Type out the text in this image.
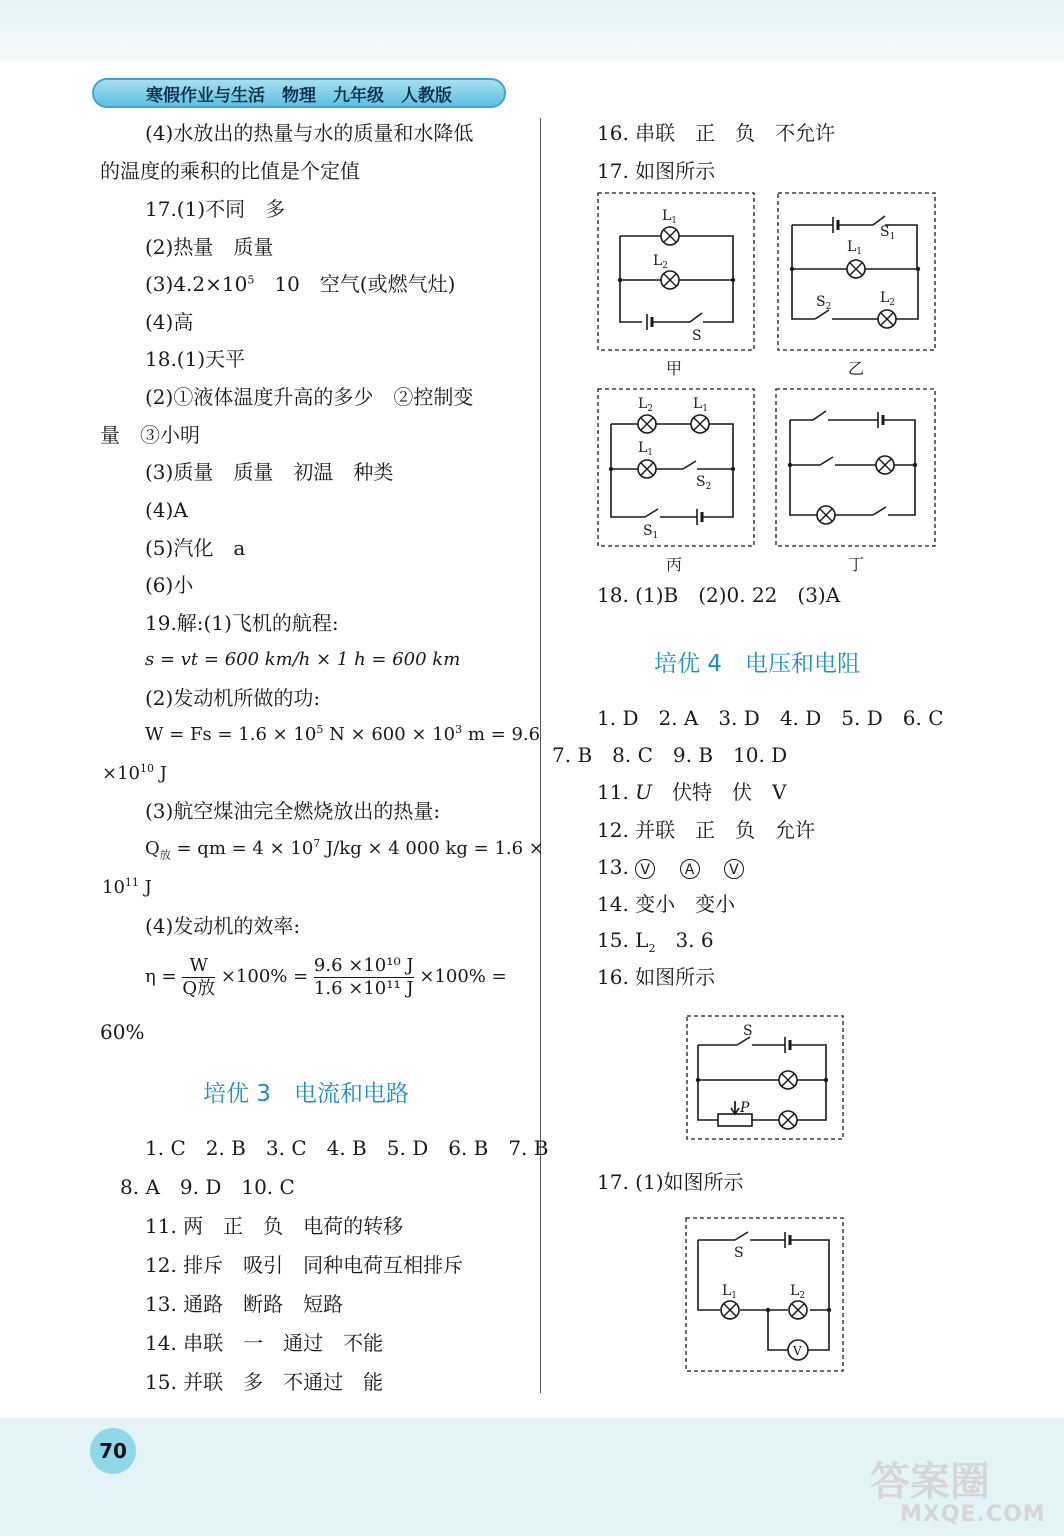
寒假作业与生活　物理　九年级　人教版
(4)水放出的热量与水的质量和水降低
的温度的乘积的比值是个定值
17.(1)不同　多
(2)热量　质量
$(3)4.2\times 10^5$　10　空气(或燃气灶)
(4)高
18.(1)天平
(2)①液体温度升高的多少　②控制变
量　③小明
(3)质量　质量　初温　种类
(4)A
(5)汽化　a
(6)小
19.解:(1)飞机的航程:
s = vt = 600 km/h × 1 h = 600 km
(2)发动机所做的功:
$W = Fs = 1.6 \times 10^5$ $N \times 600 \times 10^3$ m = 9.6
$\times 10^{10}$ J
(3)航空煤油完全燃烧放出的热量:
$Q_放$ = qm = $4 \times 10^7$ J/kg × 4 000 kg = 1.6 ×
$10^{11}$ J
(4)发动机的效率:
$\eta = \frac{W}{\text{Q放}} \times 100\% = \frac{\text{9.6 ×10¹⁰ J}}{\text{1.6 ×10¹¹ J}} \times 100\%$ =
60%
培优 3　电流和电路
1. C　2. B　3. C　4. B　5. D　6. B　7. B
8. A　9. D　10. C
11. 两　正　负　电荷的转移
12. 排斥　吸引　同种电荷互相排斥
13. 通路　断路　短路
14. 串联　一　通过　不能
15. 并联　多　不通过　能
16. 串联　正　负　不允许
17. 如图所示
$L_1$
$L_2$
S
$S_1$
$L_1$
$S_2$
$L_2$
$L_2$	$L_1$
$L_1$
$S_2$
$S_1$
S
P
S
$L_1$	$L_2$
V
甲	乙
丙	丁
18. (1)B　(2)0. 22　(3)A
培优 4　电压和电阻
1. D　2. A　3. D　4. D　5. D　6. C
7. B　8. C　9. B　10. D
11. U　伏特　伏　V
12. 并联　正　负　允许
13. V A V
14. 变小　变小
15. $L_2$　3. 6
16. 如图所示
17. (1)如图所示
70
答案圈
MXQE.COM
